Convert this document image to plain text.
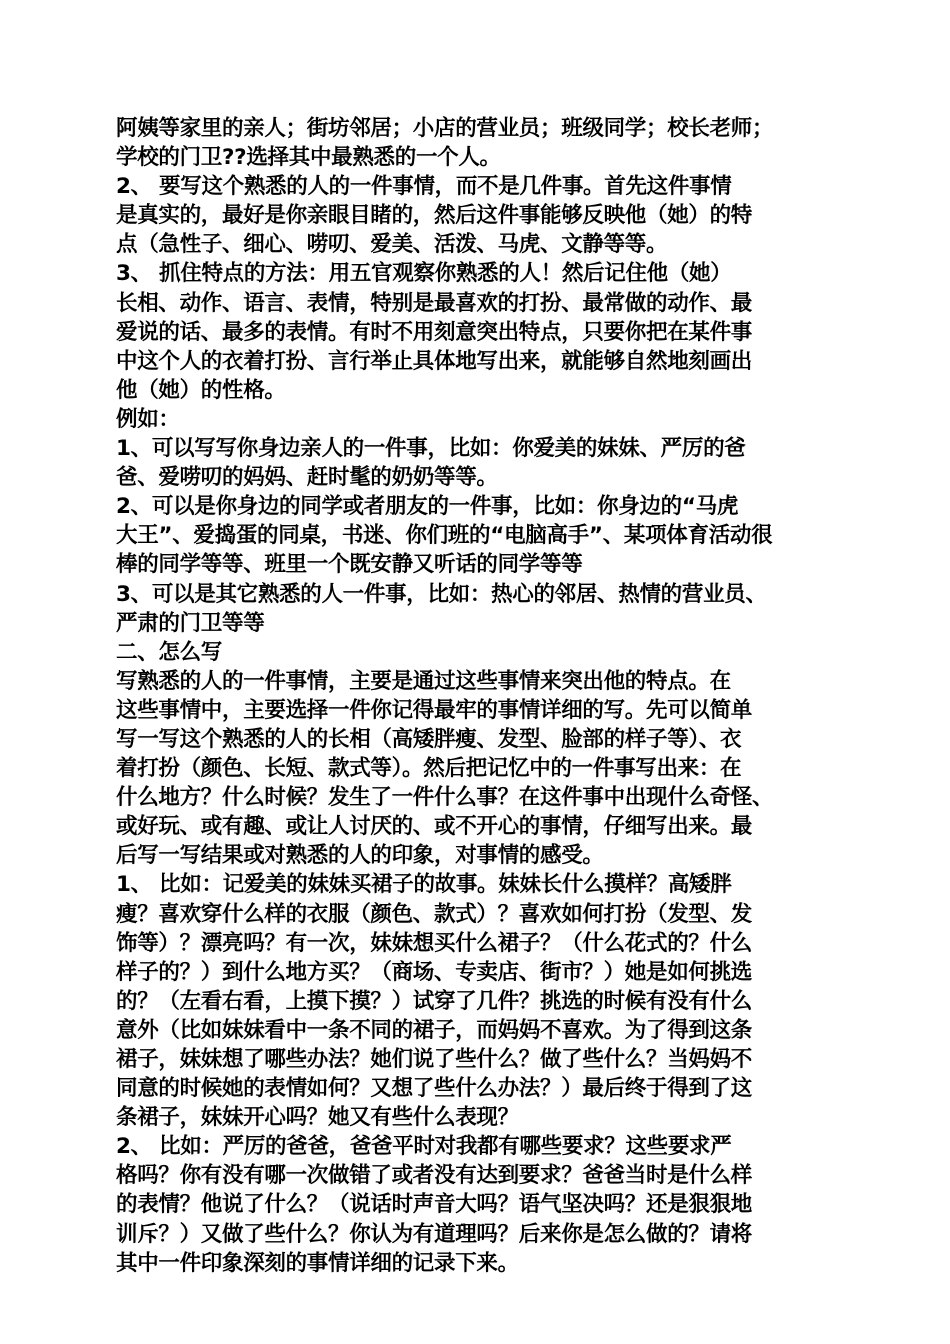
阿姨等家里的亲人；街坊邻居；小店的营业员；班级同学；校长老师；
学校的门卫??选择其中最熟悉的一个人。
2、 要写这个熟悉的人的一件事情，而不是几件事。首先这件事情
是真实的，最好是你亲眼目睹的，然后这件事能够反映他（她）的特
点（急性子、细心、唠叨、爱美、活泼、马虎、文静等等。
3、 抓住特点的方法：用五官观察你熟悉的人！然后记住他（她）
长相、动作、语言、表情，特别是最喜欢的打扮、最常做的动作、最
爱说的话、最多的表情。有时不用刻意突出特点，只要你把在某件事
中这个人的衣着打扮、言行举止具体地写出来，就能够自然地刻画出
他（她）的性格。
例如：
1、可以写写你身边亲人的一件事，比如：你爱美的妹妹、严厉的爸
爸、爱唠叨的妈妈、赶时髦的奶奶等等。
2、可以是你身边的同学或者朋友的一件事，比如：你身边的“马虎
大王”、爱捣蛋的同桌，书迷、你们班的“电脑高手”、某项体育活动很
棒的同学等等、班里一个既安静又听话的同学等等
3、可以是其它熟悉的人一件事，比如：热心的邻居、热情的营业员、
严肃的门卫等等
二、怎么写
写熟悉的人的一件事情，主要是通过这些事情来突出他的特点。在
这些事情中，主要选择一件你记得最牢的事情详细的写。先可以简单
写一写这个熟悉的人的长相（高矮胖瘦、发型、脸部的样子等）、衣
着打扮（颜色、长短、款式等）。然后把记忆中的一件事写出来：在
什么地方？什么时候？发生了一件什么事？在这件事中出现什么奇怪、
或好玩、或有趣、或让人讨厌的、或不开心的事情，仔细写出来。最
后写一写结果或对熟悉的人的印象，对事情的感受。
1、 比如：记爱美的妹妹买裙子的故事。妹妹长什么摸样？高矮胖
瘦？喜欢穿什么样的衣服（颜色、款式）？喜欢如何打扮（发型、发
饰等）？漂亮吗？有一次，妹妹想买什么裙子？（什么花式的？什么
样子的？）到什么地方买？（商场、专卖店、街市？）她是如何挑选
的？（左看右看，上摸下摸？）试穿了几件？挑选的时候有没有什么
意外（比如妹妹看中一条不同的裙子，而妈妈不喜欢。为了得到这条
裙子，妹妹想了哪些办法？她们说了些什么？做了些什么？当妈妈不
同意的时候她的表情如何？又想了些什么办法？）最后终于得到了这
条裙子，妹妹开心吗？她又有些什么表现？
2、 比如：严厉的爸爸，爸爸平时对我都有哪些要求？这些要求严
格吗？你有没有哪一次做错了或者没有达到要求？爸爸当时是什么样
的表情？他说了什么？（说话时声音大吗？语气坚决吗？还是狠狠地
训斥？）又做了些什么？你认为有道理吗？后来你是怎么做的？请将
其中一件印象深刻的事情详细的记录下来。
